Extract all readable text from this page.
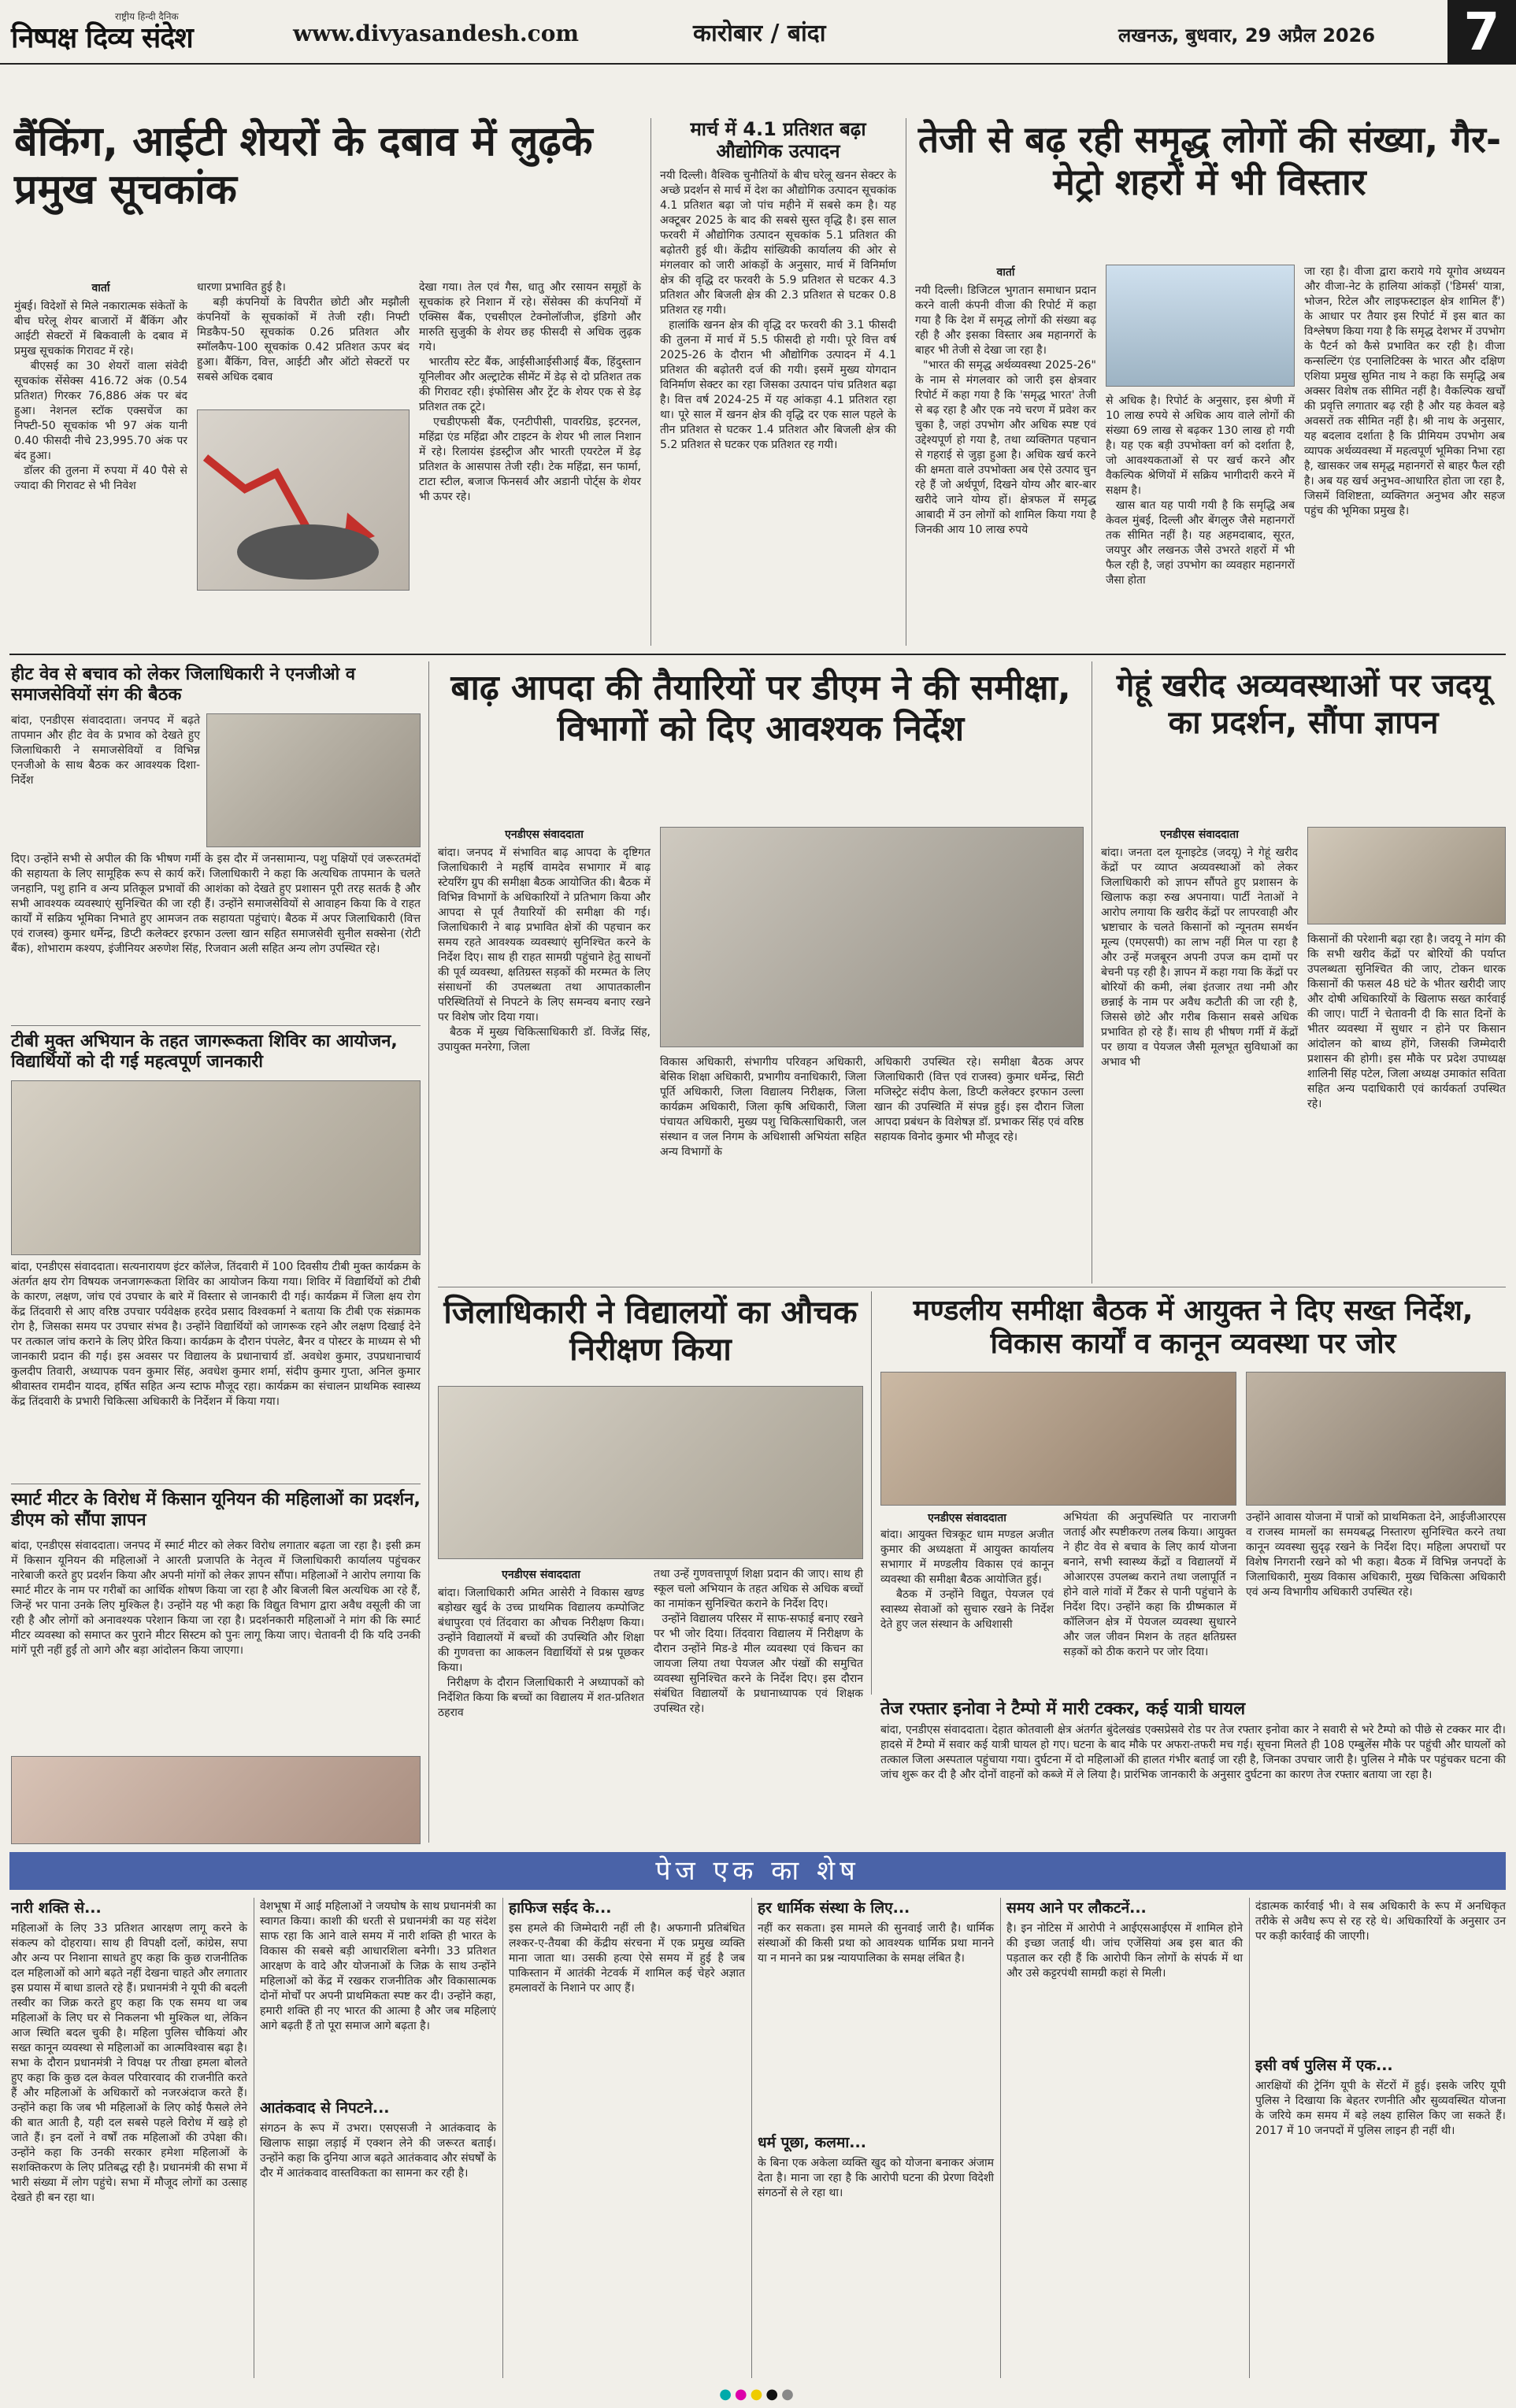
राष्ट्रीय हिन्दी दैनिक
निष्पक्ष दिव्य संदेश	www.divyasandesh.com	कारोबार / बांदा	लखनऊ, बुधवार, 29 अप्रैल 2026	7
बैंकिंग, आईटी शेयरों के दबाव में लुढ़के प्रमुख सूचकांक
वार्ता
मुंबई। विदेशों से मिले नकारात्मक संकेतों के बीच घरेलू शेयर बाजारों में बैंकिंग और आईटी सेक्टरों में बिकवाली के दबाव में प्रमुख सूचकांक गिरावट में रहे।
बीएसई का 30 शेयरों वाला संवेदी सूचकांक सेंसेक्स 416.72 अंक (0.54 प्रतिशत) गिरकर 76,886 अंक पर बंद हुआ। नेशनल स्टॉक एक्सचेंज का निफ्टी-50 सूचकांक भी 97 अंक यानी 0.40 फीसदी नीचे 23,995.70 अंक पर बंद हुआ।
डॉलर की तुलना में रुपया में 40 पैसे से ज्यादा की गिरावट से भी निवेश
धारणा प्रभावित हुई है।
बड़ी कंपनियों के विपरीत छोटी और मझौली कंपनियों के सूचकांकों में तेजी रही। निफ्टी मिडकैप-50 सूचकांक 0.26 प्रतिशत और स्मॉलकैप-100 सूचकांक 0.42 प्रतिशत ऊपर बंद हुआ। बैंकिंग, वित्त, आईटी और ऑटो सेक्टरों पर सबसे अधिक दबाव
देखा गया। तेल एवं गैस, धातु और रसायन समूहों के सूचकांक हरे निशान में रहे। सेंसेक्स की कंपनियों में एक्सिस बैंक, एचसीएल टेक्नोलॉजीज, इंडिगो और मारुति सुजुकी के शेयर छह फीसदी से अधिक लुढ़क गये।
भारतीय स्टेट बैंक, आईसीआईसीआई बैंक, हिंदुस्तान यूनिलीवर और अल्ट्राटेक सीमेंट में डेढ़ से दो प्रतिशत तक की गिरावट रही। इंफोसिस और ट्रेंट के शेयर एक से डेढ़ प्रतिशत तक टूटे।
एचडीएफसी बैंक, एनटीपीसी, पावरग्रिड, इटरनल, महिंद्रा एंड महिंद्रा और टाइटन के शेयर भी लाल निशान में रहे। रिलायंस इंडस्ट्रीज और भारती एयरटेल में डेढ़ प्रतिशत के आसपास तेजी रही। टेक महिंद्रा, सन फार्मा, टाटा स्टील, बजाज फिनसर्व और अडानी पोर्ट्स के शेयर भी ऊपर रहे।
मार्च में 4.1 प्रतिशत बढ़ा औद्योगिक उत्पादन
नयी दिल्ली। वैश्विक चुनौतियों के बीच घरेलू खनन सेक्टर के अच्छे प्रदर्शन से मार्च में देश का औद्योगिक उत्पादन सूचकांक 4.1 प्रतिशत बढ़ा जो पांच महीने में सबसे कम है। यह अक्टूबर 2025 के बाद की सबसे सुस्त वृद्धि है। इस साल फरवरी में औद्योगिक उत्पादन सूचकांक 5.1 प्रतिशत की बढ़ोतरी हुई थी। केंद्रीय सांख्यिकी कार्यालय की ओर से मंगलवार को जारी आंकड़ों के अनुसार, मार्च में विनिर्माण क्षेत्र की वृद्धि दर फरवरी के 5.9 प्रतिशत से घटकर 4.3 प्रतिशत और बिजली क्षेत्र की 2.3 प्रतिशत से घटकर 0.8 प्रतिशत रह गयी।
हालांकि खनन क्षेत्र की वृद्धि दर फरवरी की 3.1 फीसदी की तुलना में मार्च में 5.5 फीसदी हो गयी। पूरे वित्त वर्ष 2025-26 के दौरान भी औद्योगिक उत्पादन में 4.1 प्रतिशत की बढ़ोतरी दर्ज की गयी। इसमें मुख्य योगदान विनिर्माण सेक्टर का रहा जिसका उत्पादन पांच प्रतिशत बढ़ा है। वित्त वर्ष 2024-25 में यह आंकड़ा 4.1 प्रतिशत रहा था। पूरे साल में खनन क्षेत्र की वृद्धि दर एक साल पहले के तीन प्रतिशत से घटकर 1.4 प्रतिशत और बिजली क्षेत्र की 5.2 प्रतिशत से घटकर एक प्रतिशत रह गयी।
तेजी से बढ़ रही समृद्ध लोगों की संख्या, गैर-मेट्रो शहरों में भी विस्तार
वार्ता
नयी दिल्ली। डिजिटल भुगतान समाधान प्रदान करने वाली कंपनी वीजा की रिपोर्ट में कहा गया है कि देश में समृद्ध लोगों की संख्या बढ़ रही है और इसका विस्तार अब महानगरों के बाहर भी तेजी से देखा जा रहा है।
"भारत की समृद्ध अर्थव्यवस्था 2025-26" के नाम से मंगलवार को जारी इस क्षेत्रवार रिपोर्ट में कहा गया है कि 'समृद्ध भारत' तेजी से बढ़ रहा है और एक नये चरण में प्रवेश कर चुका है, जहां उपभोग और अधिक स्पष्ट एवं उद्देश्यपूर्ण हो गया है, तथा व्यक्तिगत पहचान से गहराई से जुड़ा हुआ है। अधिक खर्च करने की क्षमता वाले उपभोक्ता अब ऐसे उत्पाद चुन रहे हैं जो अर्थपूर्ण, दिखने योग्य और बार-बार खरीदे जाने योग्य हों। क्षेत्रफल में समृद्ध आबादी में उन लोगों को शामिल किया गया है जिनकी आय 10 लाख रुपये
से अधिक है। रिपोर्ट के अनुसार, इस श्रेणी में 10 लाख रुपये से अधिक आय वाले लोगों की संख्या 69 लाख से बढ़कर 130 लाख हो गयी है। यह एक बड़ी उपभोक्ता वर्ग को दर्शाता है, जो आवश्यकताओं से पर खर्च करने और वैकल्पिक श्रेणियों में सक्रिय भागीदारी करने में सक्षम है।
खास बात यह पायी गयी है कि समृद्धि अब केवल मुंबई, दिल्ली और बेंगलुरु जैसे महानगरों तक सीमित नहीं है। यह अहमदाबाद, सूरत, जयपुर और लखनऊ जैसे उभरते शहरों में भी फैल रही है, जहां उपभोग का व्यवहार महानगरों जैसा होता
जा रहा है। वीजा द्वारा कराये गये यूगोव अध्ययन और वीजा-नेट के हालिया आंकड़ों ('डिमर्स' यात्रा, भोजन, रिटेल और लाइफस्टाइल क्षेत्र शामिल हैं') के आधार पर तैयार इस रिपोर्ट में इस बात का विश्लेषण किया गया है कि समृद्ध देशभर में उपभोग के पैटर्न को कैसे प्रभावित कर रही है। वीजा कन्सल्टिंग एंड एनालिटिक्स के भारत और दक्षिण एशिया प्रमुख सुमित नाथ ने कहा कि समृद्धि अब अक्सर विशेष तक सीमित नहीं है। वैकल्पिक खर्चों की प्रवृत्ति लगातार बढ़ रही है और यह केवल बड़े अवसरों तक सीमित नहीं है। श्री नाथ के अनुसार, यह बदलाव दर्शाता है कि प्रीमियम उपभोग अब व्यापक अर्थव्यवस्था में महत्वपूर्ण भूमिका निभा रहा है, खासकर जब समृद्ध महानगरों से बाहर फैल रही है। अब यह खर्च अनुभव-आधारित होता जा रहा है, जिसमें विशिष्टता, व्यक्तिगत अनुभव और सहज पहुंच की भूमिका प्रमुख है।
हीट वेव से बचाव को लेकर जिलाधिकारी ने एनजीओ व समाजसेवियों संग की बैठक
बांदा, एनडीएस संवाददाता। जनपद में बढ़ते तापमान और हीट वेव के प्रभाव को देखते हुए जिलाधिकारी ने समाजसेवियों व विभिन्न एनजीओ के साथ बैठक कर आवश्यक दिशा-निर्देश
दिए। उन्होंने सभी से अपील की कि भीषण गर्मी के इस दौर में जनसामान्य, पशु पक्षियों एवं जरूरतमंदों की सहायता के लिए सामूहिक रूप से कार्य करें। जिलाधिकारी ने कहा कि अत्यधिक तापमान के चलते जनहानि, पशु हानि व अन्य प्रतिकूल प्रभावों की आशंका को देखते हुए प्रशासन पूरी तरह सतर्क है और सभी आवश्यक व्यवस्थाएं सुनिश्चित की जा रही हैं। उन्होंने समाजसेवियों से आवाहन किया कि वे राहत कार्यों में सक्रिय भूमिका निभाते हुए आमजन तक सहायता पहुंचाएं। बैठक में अपर जिलाधिकारी (वित्त एवं राजस्व) कुमार धर्मेन्द्र, डिप्टी कलेक्टर इरफान उल्ला खान सहित समाजसेवी सुनील सक्सेना (रोटी बैंक), शोभाराम कश्यप, इंजीनियर अरुणेश सिंह, रिजवान अली सहित अन्य लोग उपस्थित रहे।
टीबी मुक्त अभियान के तहत जागरूकता शिविर का आयोजन, विद्यार्थियों को दी गई महत्वपूर्ण जानकारी
बांदा, एनडीएस संवाददाता। सत्यनारायण इंटर कॉलेज, तिंदवारी में 100 दिवसीय टीबी मुक्त कार्यक्रम के अंतर्गत क्षय रोग विषयक जनजागरूकता शिविर का आयोजन किया गया। शिविर में विद्यार्थियों को टीबी के कारण, लक्षण, जांच एवं उपचार के बारे में विस्तार से जानकारी दी गई। कार्यक्रम में जिला क्षय रोग केंद्र तिंदवारी से आए वरिष्ठ उपचार पर्यवेक्षक हरदेव प्रसाद विश्वकर्मा ने बताया कि टीबी एक संक्रामक रोग है, जिसका समय पर उपचार संभव है। उन्होंने विद्यार्थियों को जागरूक रहने और लक्षण दिखाई देने पर तत्काल जांच कराने के लिए प्रेरित किया। कार्यक्रम के दौरान पंपलेट, बैनर व पोस्टर के माध्यम से भी जानकारी प्रदान की गई। इस अवसर पर विद्यालय के प्रधानाचार्य डॉ. अवधेश कुमार, उपप्रधानाचार्य कुलदीप तिवारी, अध्यापक पवन कुमार सिंह, अवधेश कुमार शर्मा, संदीप कुमार गुप्ता, अनिल कुमार श्रीवास्तव रामदीन यादव, हर्षित सहित अन्य स्टाफ मौजूद रहा। कार्यक्रम का संचालन प्राथमिक स्वास्थ्य केंद्र तिंदवारी के प्रभारी चिकित्सा अधिकारी के निर्देशन में किया गया।
स्मार्ट मीटर के विरोध में किसान यूनियन की महिलाओं का प्रदर्शन, डीएम को सौंपा ज्ञापन
बांदा, एनडीएस संवाददाता। जनपद में स्मार्ट मीटर को लेकर विरोध लगातार बढ़ता जा रहा है। इसी क्रम में किसान यूनियन की महिलाओं ने आरती प्रजापति के नेतृत्व में जिलाधिकारी कार्यालय पहुंचकर नारेबाजी करते हुए प्रदर्शन किया और अपनी मांगों को लेकर ज्ञापन सौंपा। महिलाओं ने आरोप लगाया कि स्मार्ट मीटर के नाम पर गरीबों का आर्थिक शोषण किया जा रहा है और बिजली बिल अत्यधिक आ रहे हैं, जिन्हें भर पाना उनके लिए मुश्किल है। उन्होंने यह भी कहा कि विद्युत विभाग द्वारा अवैध वसूली की जा रही है और लोगों को अनावश्यक परेशान किया जा रहा है। प्रदर्शनकारी महिलाओं ने मांग की कि स्मार्ट मीटर व्यवस्था को समाप्त कर पुराने मीटर सिस्टम को पुनः लागू किया जाए। चेतावनी दी कि यदि उनकी मांगें पूरी नहीं हुईं तो आगे और बड़ा आंदोलन किया जाएगा।
बाढ़ आपदा की तैयारियों पर डीएम ने की समीक्षा, विभागों को दिए आवश्यक निर्देश
एनडीएस संवाददाता
बांदा। जनपद में संभावित बाढ़ आपदा के दृष्टिगत जिलाधिकारी ने महर्षि वामदेव सभागार में बाढ़ स्टेयरिंग ग्रुप की समीक्षा बैठक आयोजित की। बैठक में विभिन्न विभागों के अधिकारियों ने प्रतिभाग किया और आपदा से पूर्व तैयारियों की समीक्षा की गई। जिलाधिकारी ने बाढ़ प्रभावित क्षेत्रों की पहचान कर समय रहते आवश्यक व्यवस्थाएं सुनिश्चित करने के निर्देश दिए। साथ ही राहत सामग्री पहुंचाने हेतु साधनों की पूर्व व्यवस्था, क्षतिग्रस्त सड़कों की मरम्मत के लिए संसाधनों की उपलब्धता तथा आपातकालीन परिस्थितियों से निपटने के लिए समन्वय बनाए रखने पर विशेष जोर दिया गया।
बैठक में मुख्य चिकित्साधिकारी डॉ. विजेंद्र सिंह, उपायुक्त मनरेगा, जिला
विकास अधिकारी, संभागीय परिवहन अधिकारी, बेसिक शिक्षा अधिकारी, प्रभागीय वनाधिकारी, जिला पूर्ति अधिकारी, जिला विद्यालय निरीक्षक, जिला कार्यक्रम अधिकारी, जिला कृषि अधिकारी, जिला पंचायत अधिकारी, मुख्य पशु चिकित्साधिकारी, जल संस्थान व जल निगम के अधिशासी अभियंता सहित अन्य विभागों के
अधिकारी उपस्थित रहे। समीक्षा बैठक अपर जिलाधिकारी (वित्त एवं राजस्व) कुमार धर्मेन्द्र, सिटी मजिस्ट्रेट संदीप केला, डिप्टी कलेक्टर इरफान उल्ला खान की उपस्थिति में संपन्न हुई। इस दौरान जिला आपदा प्रबंधन के विशेषज्ञ डॉ. प्रभाकर सिंह एवं वरिष्ठ सहायक विनोद कुमार भी मौजूद रहे।
गेहूं खरीद अव्यवस्थाओं पर जदयू का प्रदर्शन, सौंपा ज्ञापन
एनडीएस संवाददाता
बांदा। जनता दल यूनाइटेड (जदयू) ने गेहूं खरीद केंद्रों पर व्याप्त अव्यवस्थाओं को लेकर जिलाधिकारी को ज्ञापन सौंपते हुए प्रशासन के खिलाफ कड़ा रुख अपनाया। पार्टी नेताओं ने आरोप लगाया कि खरीद केंद्रों पर लापरवाही और भ्रष्टाचार के चलते किसानों को न्यूनतम समर्थन मूल्य (एमएसपी) का लाभ नहीं मिल पा रहा है और उन्हें मजबूरन अपनी उपज कम दामों पर बेचनी पड़ रही है। ज्ञापन में कहा गया कि केंद्रों पर बोरियों की कमी, लंबा इंतजार तथा नमी और छन्नाई के नाम पर अवैध कटौती की जा रही है, जिससे छोटे और गरीब किसान सबसे अधिक प्रभावित हो रहे हैं। साथ ही भीषण गर्मी में केंद्रों पर छाया व पेयजल जैसी मूलभूत सुविधाओं का अभाव भी
किसानों की परेशानी बढ़ा रहा है। जदयू ने मांग की कि सभी खरीद केंद्रों पर बोरियों की पर्याप्त उपलब्धता सुनिश्चित की जाए, टोकन धारक किसानों की फसल 48 घंटे के भीतर खरीदी जाए और दोषी अधिकारियों के खिलाफ सख्त कार्रवाई की जाए। पार्टी ने चेतावनी दी कि सात दिनों के भीतर व्यवस्था में सुधार न होने पर किसान आंदोलन को बाध्य होंगे, जिसकी जिम्मेदारी प्रशासन की होगी। इस मौके पर प्रदेश उपाध्यक्ष शालिनी सिंह पटेल, जिला अध्यक्ष उमाकांत सविता सहित अन्य पदाधिकारी एवं कार्यकर्ता उपस्थित रहे।
जिलाधिकारी ने विद्यालयों का औचक निरीक्षण किया
एनडीएस संवाददाता
बांदा। जिलाधिकारी अमित आसेरी ने विकास खण्ड बड़ोखर खुर्द के उच्च प्राथमिक विद्यालय कम्पोजिट बंधापुरवा एवं तिंदवारा का औचक निरीक्षण किया। उन्होंने विद्यालयों में बच्चों की उपस्थिति और शिक्षा की गुणवत्ता का आकलन विद्यार्थियों से प्रश्न पूछकर किया।
निरीक्षण के दौरान जिलाधिकारी ने अध्यापकों को निर्देशित किया कि बच्चों का विद्यालय में शत-प्रतिशत ठहराव
तथा उन्हें गुणवत्तापूर्ण शिक्षा प्रदान की जाए। साथ ही स्कूल चलो अभियान के तहत अधिक से अधिक बच्चों का नामांकन सुनिश्चित कराने के निर्देश दिए।
उन्होंने विद्यालय परिसर में साफ-सफाई बनाए रखने पर भी जोर दिया। तिंदवारा विद्यालय में निरीक्षण के दौरान उन्होंने मिड-डे मील व्यवस्था एवं किचन का जायजा लिया तथा पेयजल और पंखों की समुचित व्यवस्था सुनिश्चित करने के निर्देश दिए। इस दौरान संबंधित विद्यालयों के प्रधानाध्यापक एवं शिक्षक उपस्थित रहे।
मण्डलीय समीक्षा बैठक में आयुक्त ने दिए सख्त निर्देश, विकास कार्यों व कानून व्यवस्था पर जोर
एनडीएस संवाददाता
बांदा। आयुक्त चित्रकूट धाम मण्डल अजीत कुमार की अध्यक्षता में आयुक्त कार्यालय सभागार में मण्डलीय विकास एवं कानून व्यवस्था की समीक्षा बैठक आयोजित हुई।
बैठक में उन्होंने विद्युत, पेयजल एवं स्वास्थ्य सेवाओं को सुचारु रखने के निर्देश देते हुए जल संस्थान के अधिशासी
अभियंता की अनुपस्थिति पर नाराजगी जताई और स्पष्टीकरण तलब किया। आयुक्त ने हीट वेव से बचाव के लिए कार्य योजना बनाने, सभी स्वास्थ्य केंद्रों व विद्यालयों में ओआरएस उपलब्ध कराने तथा जलापूर्ति न होने वाले गांवों में टैंकर से पानी पहुंचाने के निर्देश दिए। उन्होंने कहा कि ग्रीष्मकाल में कॉलिजन क्षेत्र में पेयजल व्यवस्था सुधारने और जल जीवन मिशन के तहत क्षतिग्रस्त सड़कों को ठीक कराने पर जोर दिया।
उन्होंने आवास योजना में पात्रों को प्राथमिकता देने, आईजीआरएस व राजस्व मामलों का समयबद्ध निस्तारण सुनिश्चित करने तथा कानून व्यवस्था सुदृढ़ रखने के निर्देश दिए। महिला अपराधों पर विशेष निगरानी रखने को भी कहा। बैठक में विभिन्न जनपदों के जिलाधिकारी, मुख्य विकास अधिकारी, मुख्य चिकित्सा अधिकारी एवं अन्य विभागीय अधिकारी उपस्थित रहे।
तेज रफ्तार इनोवा ने टैम्पो में मारी टक्कर, कई यात्री घायल
बांदा, एनडीएस संवाददाता। देहात कोतवाली क्षेत्र अंतर्गत बुंदेलखंड एक्सप्रेसवे रोड पर तेज रफ्तार इनोवा कार ने सवारी से भरे टैम्पो को पीछे से टक्कर मार दी। हादसे में टैम्पो में सवार कई यात्री घायल हो गए। घटना के बाद मौके पर अफरा-तफरी मच गई। सूचना मिलते ही 108 एम्बुलेंस मौके पर पहुंची और घायलों को तत्काल जिला अस्पताल पहुंचाया गया। दुर्घटना में दो महिलाओं की हालत गंभीर बताई जा रही है, जिनका उपचार जारी है। पुलिस ने मौके पर पहुंचकर घटना की जांच शुरू कर दी है और दोनों वाहनों को कब्जे में ले लिया है। प्रारंभिक जानकारी के अनुसार दुर्घटना का कारण तेज रफ्तार बताया जा रहा है।
पेज एक का शेष
नारी शक्ति से...
महिलाओं के लिए 33 प्रतिशत आरक्षण लागू करने के संकल्प को दोहराया। साथ ही विपक्षी दलों, कांग्रेस, सपा और अन्य पर निशाना साधते हुए कहा कि कुछ राजनीतिक दल महिलाओं को आगे बढ़ते नहीं देखना चाहते और लगातार इस प्रयास में बाधा डालते रहे हैं। प्रधानमंत्री ने यूपी की बदली तस्वीर का जिक्र करते हुए कहा कि एक समय था जब महिलाओं के लिए घर से निकलना भी मुश्किल था, लेकिन आज स्थिति बदल चुकी है। महिला पुलिस चौकियां और सख्त कानून व्यवस्था से महिलाओं का आत्मविश्वास बढ़ा है। सभा के दौरान प्रधानमंत्री ने विपक्ष पर तीखा हमला बोलते हुए कहा कि कुछ दल केवल परिवारवाद की राजनीति करते हैं और महिलाओं के अधिकारों को नजरअंदाज करते हैं। उन्होंने कहा कि जब भी महिलाओं के लिए कोई फैसले लेने की बात आती है, यही दल सबसे पहले विरोध में खड़े हो जाते हैं। इन दलों ने वर्षों तक महिलाओं की उपेक्षा की। उन्होंने कहा कि उनकी सरकार हमेशा महिलाओं के सशक्तिकरण के लिए प्रतिबद्ध रही है। प्रधानमंत्री की सभा में भारी संख्या में लोग पहुंचे। सभा में मौजूद लोगों का उत्साह देखते ही बन रहा था।
वेशभूषा में आई महिलाओं ने जयघोष के साथ प्रधानमंत्री का स्वागत किया। काशी की धरती से प्रधानमंत्री का यह संदेश साफ रहा कि आने वाले समय में नारी शक्ति ही भारत के विकास की सबसे बड़ी आधारशिला बनेगी। 33 प्रतिशत आरक्षण के वादे और योजनाओं के जिक्र के साथ उन्होंने महिलाओं को केंद्र में रखकर राजनीतिक और विकासात्मक दोनों मोर्चों पर अपनी प्राथमिकता स्पष्ट कर दी। उन्होंने कहा, हमारी शक्ति ही नए भारत की आत्मा है और जब महिलाएं आगे बढ़ती हैं तो पूरा समाज आगे बढ़ता है।
आतंकवाद से निपटने...
संगठन के रूप में उभरा। एसएसजी ने आतंकवाद के खिलाफ साझा लड़ाई में एक्शन लेने की जरूरत बताई। उन्होंने कहा कि दुनिया आज बढ़ते आतंकवाद और संघर्षों के दौर में आतंकवाद वास्तविकता का सामना कर रही है।
हाफिज सईद के...
इस हमले की जिम्मेदारी नहीं ली है। अफगानी प्रतिबंधित लश्कर-ए-तैयबा की केंद्रीय संरचना में एक प्रमुख व्यक्ति माना जाता था। उसकी हत्या ऐसे समय में हुई है जब पाकिस्तान में आतंकी नेटवर्क में शामिल कई चेहरे अज्ञात हमलावरों के निशाने पर आए हैं।
हर धार्मिक संस्था के लिए...
नहीं कर सकता। इस मामले की सुनवाई जारी है। धार्मिक संस्थाओं की किसी प्रथा को आवश्यक धार्मिक प्रथा मानने या न मानने का प्रश्न न्यायपालिका के समक्ष लंबित है।
धर्म पूछा, कलमा...
के बिना एक अकेला व्यक्ति खुद को योजना बनाकर अंजाम देता है। माना जा रहा है कि आरोपी घटना की प्रेरणा विदेशी संगठनों से ले रहा था।
समय आने पर लौकटनें...
है। इन नोटिस में आरोपी ने आईएसआईएस में शामिल होने की इच्छा जताई थी। जांच एजेंसियां अब इस बात की पड़ताल कर रही हैं कि आरोपी किन लोगों के संपर्क में था और उसे कट्टरपंथी सामग्री कहां से मिली।
दंडात्मक कार्रवाई भी। वे सब अधिकारी के रूप में अनधिकृत तरीके से अवैध रूप से रह रहे थे। अधिकारियों के अनुसार उन पर कड़ी कार्रवाई की जाएगी।
इसी वर्ष पुलिस में एक...
आरक्षियों की ट्रेनिंग यूपी के सेंटरों में हुई। इसके जरिए यूपी पुलिस ने दिखाया कि बेहतर रणनीति और सुव्यवस्थित योजना के जरिये कम समय में बड़े लक्ष्य हासिल किए जा सकते हैं। 2017 में 10 जनपदों में पुलिस लाइन ही नहीं थी।
●●●●●
